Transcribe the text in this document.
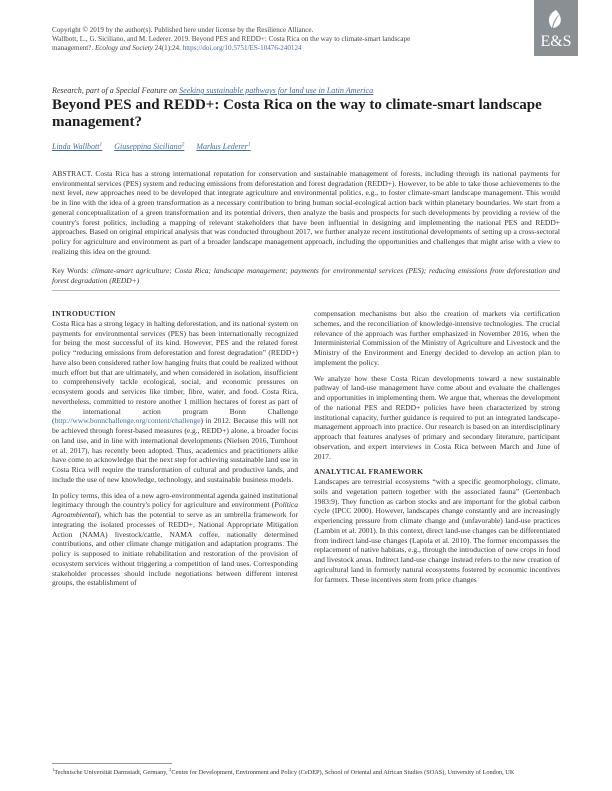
Copyright © 2019 by the author(s). Published here under license by the Resilience Alliance.
Wallbott, L., G. Siciliano, and M. Lederer. 2019. Beyond PES and REDD+: Costa Rica on the way to climate-smart landscape
management?. Ecology and Society 24(1):24. https://doi.org/10.5751/ES-10476-240124	E&S
Research, part of a Special Feature on Seeking sustainable pathways for land use in Latin America
Beyond PES and REDD+: Costa Rica on the way to climate-smart landscape management?
Linda Wallbott$^1$ Giuseppina Siciliano$^2$ Markus Lederer$^1$
ABSTRACT. Costa Rica has a strong international reputation for conservation and sustainable management of forests, including through its national payments for environmental services (PES) system and reducing emissions from deforestation and forest degradation (REDD+). However, to be able to take those achievements to the next level, new approaches need to be developed that integrate agriculture and environmental politics, e.g., to foster climate-smart landscape management. This would be in line with the idea of a green transformation as a necessary contribution to bring human social-ecological action back within planetary boundaries. We start from a general conceptualization of a green transformation and its potential drivers, then analyze the basis and prospects for such developments by providing a review of the country's forest politics, including a mapping of relevant stakeholders that have been influential in designing and implementing the national PES and REDD+ approaches. Based on original empirical analysis that was conducted throughout 2017, we further analyze recent institutional developments of setting up a cross-sectoral policy for agriculture and environment as part of a broader landscape management approach, including the opportunities and challenges that might arise with a view to realizing this idea on the ground.
Key Words: climate-smart agriculture; Costa Rica; landscape management; payments for environmental services (PES); reducing emissions from deforestation and forest degradation (REDD+)
INTRODUCTION

Costa Rica has a strong legacy in halting deforestation, and its national system on payments for environmental services (PES) has been internationally recognized for being the most successful of its kind. However, PES and the related forest policy “reducing emissions from deforestation and forest degradation” (REDD+) have also been considered rather low hanging fruits that could be realized without much effort but that are ultimately, and when considered in isolation, insufficient to comprehensively tackle ecological, social, and economic pressures on ecosystem goods and services like timber, fibre, water, and food. Costa Rica, nevertheless, committed to restore another 1 million hectares of forest as part of the international action program Bonn Challenge (http://www.bonnchallenge.org/content/challenge) in 2012. Because this will not be achieved through forest-based measures (e.g., REDD+) alone, a broader focus on land use, and in line with international developments (Nielsen 2016, Turnhout et al. 2017), has recently been adopted. Thus, academics and practitioners alike have come to acknowledge that the next step for achieving sustainable land use in Costa Rica will require the transformation of cultural and productive lands, and include the use of new knowledge, technology, and sustainable business models.

In policy terms, this idea of a new agro-environmental agenda gained institutional legitimacy through the country's policy for agriculture and environment (Política Agroambiental), which has the potential to serve as an umbrella framework for integrating the isolated processes of REDD+, National Appropriate Mitigation Action (NAMA) livestock/cattle, NAMA coffee, nationally determined contributions, and other climate change mitigation and adaptation programs. The policy is supposed to initiate rehabilitation and restoration of the provision of ecosystem services without triggering a competition of land uses. Corresponding stakeholder processes should include negotiations between different interest groups, the establishment of

compensation mechanisms but also the creation of markets via certification schemes, and the reconciliation of knowledge-intensive technologies. The crucial relevance of the approach was further emphasized in November 2016, when the Interministerial Commission of the Ministry of Agriculture and Livestock and the Ministry of the Environment and Energy decided to develop an action plan to implement the policy.

We analyze how these Costa Rican developments toward a new sustainable pathway of land-use management have come about and evaluate the challenges and opportunities in implementing them. We argue that, whereas the development of the national PES and REDD+ policies have been characterized by strong institutional capacity, further guidance is required to put an integrated landscape-management approach into practice. Our research is based on an interdisciplinary approach that features analyses of primary and secondary literature, participant observation, and expert interviews in Costa Rica between March and June of 2017.

ANALYTICAL FRAMEWORK

Landscapes are terrestrial ecosystems “with a specific geomorphology, climate, soils and vegetation pattern together with the associated fauna” (Gertenbach 1983:9). They function as carbon stocks and are important for the global carbon cycle (IPCC 2000). However, landscapes change constantly and are increasingly experiencing pressure from climate change and (unfavorable) land-use practices (Lambin et al. 2001). In this context, direct land-use changes can be differentiated from indirect land-use changes (Lapola et al. 2010). The former encompasses the replacement of native habitats, e.g., through the introduction of new crops in food and livestock areas. Indirect land-use change instead refers to the new creation of agricultural land in formerly natural ecosystems fostered by economic incentives for farmers. These incentives stem from price changes

$^1$Technische Universität Darmstadt, Germany, $^2$Centre for Development, Environment and Policy (CeDEP), School of Oriental and African Studies (SOAS), University of London, UK
